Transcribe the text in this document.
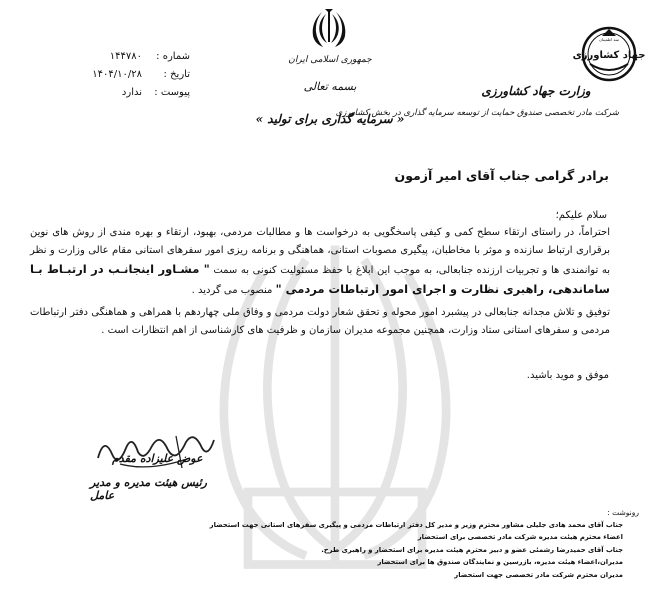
جهاد کشاورزی
سه اطمینان
وزارت جهاد کشاورزی
شرکت مادر تخصصی صندوق حمایت از توسعه سرمایه گذاری در بخش کشاورزی
جمهوری اسلامی ایران
بسمه تعالی
« سرمایه گذاری برای تولید »
شماره :
۱۴۴۷۸۰
تاریخ :
۱۴۰۴/۱۰/۲۸
پیوست :
ندارد
برادر گرامی جناب آقای امیر آزمون
سلام علیکم؛

احتراماً، در راستای ارتقاء سطح کمی و کیفی پاسخگویی به درخواست ها و مطالبات مردمی، بهبود، ارتقاء و بهره مندی از روش های نوین برقراری ارتباط سازنده و موثر با مخاطبان، پیگیری مصوبات استانی، هماهنگی و برنامه ریزی امور سفرهای استانی مقام عالی وزارت و نظر به توانمندی ها و تجربیات ارزنده جنابعالی، به موجب این ابلاغ با حفظ مسئولیت کنونی به سمت " مشـاور اینجانـب در ارتبـاط بـا ساماندهی، راهبری نظارت و اجرای امور ارتباطات مردمی " منصوب می گردید .

توفیق و تلاش مجدانه جنابعالی در پیشبرد امور محوله و تحقق شعار دولت مردمی و وفاق ملی چهاردهم با همراهی و هماهنگی دفتر ارتباطات مردمی و سفرهای استانی ستاد وزارت، همچنین مجموعه مدیران سازمان و ظرفیت های کارشناسی از اهم انتظارات است .

موفق و موید باشید.
عوض علیزاده مقدم
رئیس هیئت مدیره و مدیر عامل
رونوشت :
جناب آقای محمد هادی جلیلی مشاور محترم وزیر و مدیر کل دفتر ارتباطات مردمی و پیگیری سفرهای استانی جهت استحضار
اعضاء محترم هیئت مدیره شرکت مادر تخصصی برای استحضار
جناب آقای حمیدرضا رشمئی عضو و دبیر محترم هیئت مدیره برای استحضار و راهبری طرح.
مدیران،اعضاء هیئت مدیره، بازرسین و نمایندگان صندوق ها برای استحضار
مدیران محترم شرکت مادر تخصصی جهت استحضار
